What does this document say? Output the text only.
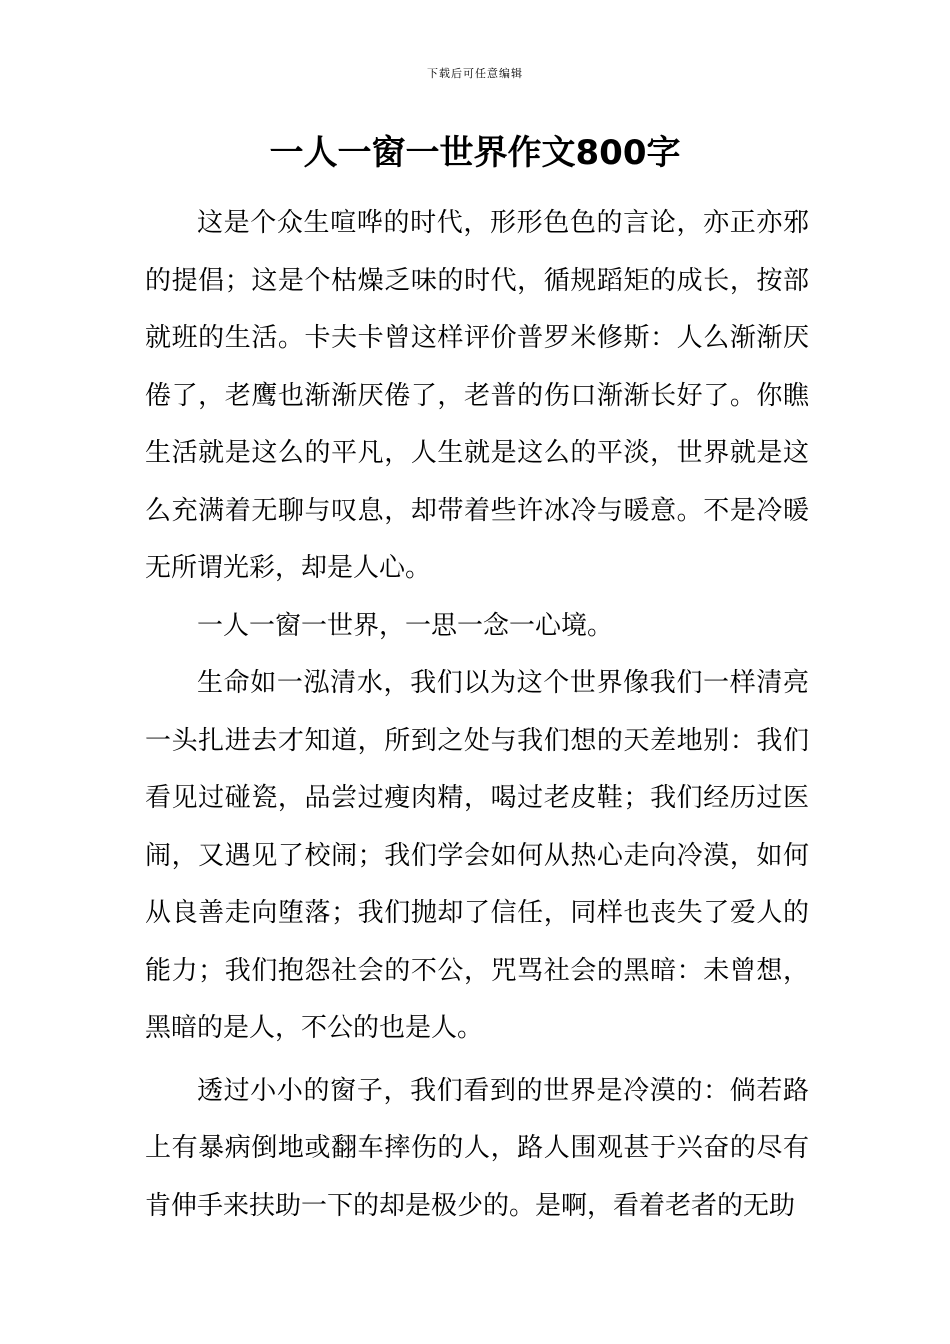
下载后可任意编辑
一人一窗一世界作文800字

这是个众生喧哗的时代，形形色色的言论，亦正亦邪的提倡；这是个枯燥乏味的时代，循规蹈矩的成长，按部就班的生活。卡夫卡曾这样评价普罗米修斯：人么渐渐厌倦了，老鹰也渐渐厌倦了，老普的伤口渐渐长好了。你瞧生活就是这么的平凡，人生就是这么的平淡，世界就是这么充满着无聊与叹息，却带着些许冰冷与暖意。不是冷暖无所谓光彩，却是人心。

一人一窗一世界，一思一念一心境。

生命如一泓清水，我们以为这个世界像我们一样清亮一头扎进去才知道，所到之处与我们想的天差地别：我们看见过碰瓷，品尝过瘦肉精，喝过老皮鞋；我们经历过医闹，又遇见了校闹；我们学会如何从热心走向冷漠，如何从良善走向堕落；我们抛却了信任，同样也丧失了爱人的能力；我们抱怨社会的不公，咒骂社会的黑暗：未曾想，黑暗的是人，不公的也是人。

透过小小的窗子，我们看到的世界是冷漠的：倘若路上有暴病倒地或翻车摔伤的人，路人围观甚于兴奋的尽有肯伸手来扶助一下的却是极少的。是啊，看着老者的无助
